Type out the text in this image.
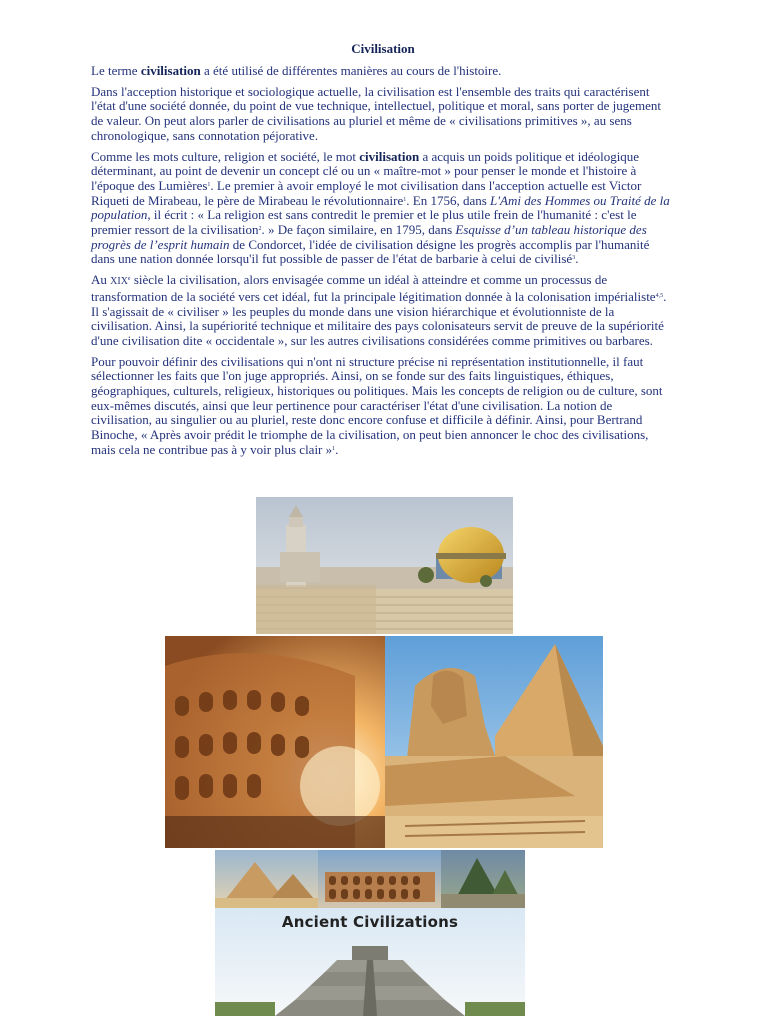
Civilisation

Le terme civilisation a été utilisé de différentes manières au cours de l'histoire.

Dans l'acception historique et sociologique actuelle, la civilisation est l'ensemble des traits qui caractérisent l'état d'une société donnée, du point de vue technique, intellectuel, politique et moral, sans porter de jugement de valeur. On peut alors parler de civilisations au pluriel et même de « civilisations primitives », au sens chronologique, sans connotation péjorative.

Comme les mots culture, religion et société, le mot civilisation a acquis un poids politique et idéologique déterminant, au point de devenir un concept clé ou un « maître-mot » pour penser le monde et l'histoire à l'époque des Lumières$^1$. Le premier à avoir employé le mot civilisation dans l'acception actuelle est Victor Riqueti de Mirabeau, le père de Mirabeau le révolutionnaire$^1$. En 1756, dans L'Ami des Hommes ou Traité de la population, il écrit : « La religion est sans contredit le premier et le plus utile frein de l'humanité : c'est le premier ressort de la civilisation$^2$. » De façon similaire, en 1795, dans Esquisse d’un tableau historique des progrès de l’esprit humain de Condorcet, l'idée de civilisation désigne les progrès accomplis par l'humanité dans une nation donnée lorsqu'il fut possible de passer de l'état de barbarie à celui de civilisé$^3$.

Au XIXe siècle la civilisation, alors envisagée comme un idéal à atteindre et comme un processus de transformation de la société vers cet idéal, fut la principale légitimation donnée à la colonisation impérialiste$^{4,5}$. Il s'agissait de « civiliser » les peuples du monde dans une vision hiérarchique et évolutionniste de la civilisation. Ainsi, la supériorité technique et militaire des pays colonisateurs servit de preuve de la supériorité d'une civilisation dite « occidentale », sur les autres civilisations considérées comme primitives ou barbares.

Pour pouvoir définir des civilisations qui n'ont ni structure précise ni représentation institutionnelle, il faut sélectionner les faits que l'on juge appropriés. Ainsi, on se fonde sur des faits linguistiques, éthiques, géographiques, culturels, religieux, historiques ou politiques. Mais les concepts de religion ou de culture, sont eux-mêmes discutés, ainsi que leur pertinence pour caractériser l'état d'une civilisation. La notion de civilisation, au singulier ou au pluriel, reste donc encore confuse et difficile à définir. Ainsi, pour Bertrand Binoche, « Après avoir prédit le triomphe de la civilisation, on peut bien annoncer le choc des civilisations, mais cela ne contribue pas à y voir plus clair »$^1$.

Ancient Civilizations
